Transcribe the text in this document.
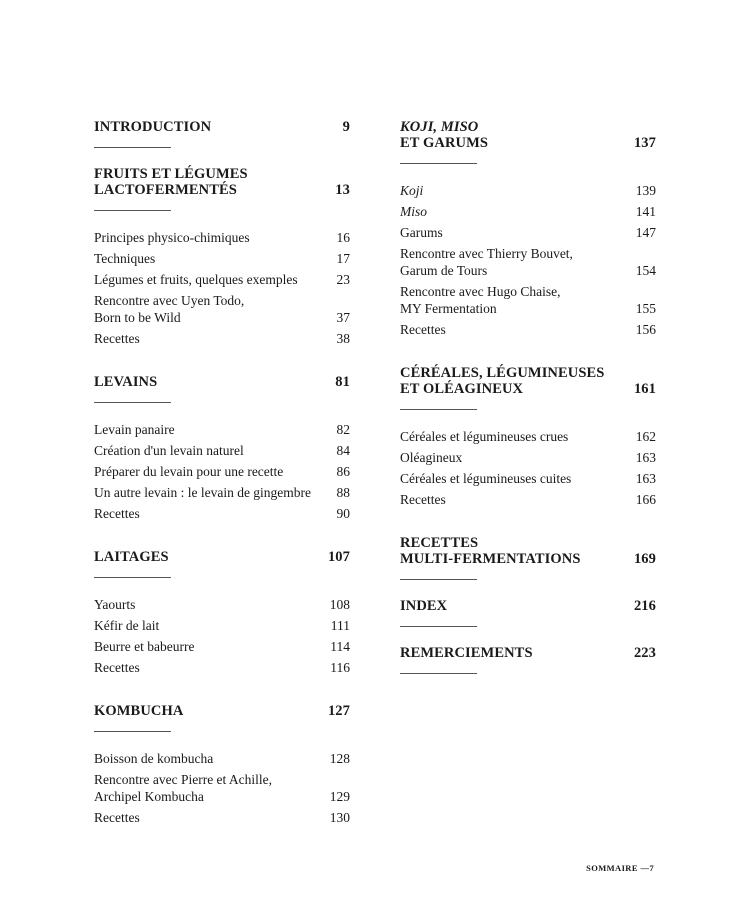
INTRODUCTION	9
FRUITS ET LÉGUMES
LACTOFERMENTÉS	13
Principes physico-chimiques	16
Techniques	17
Légumes et fruits, quelques exemples	23
Rencontre avec Uyen Todo,
Born to be Wild	37
Recettes	38
LEVAINS	81
Levain panaire	82
Création d'un levain naturel	84
Préparer du levain pour une recette	86
Un autre levain : le levain de gingembre	88
Recettes	90
LAITAGES	107
Yaourts	108
Kéfir de lait	111
Beurre et babeurre	114
Recettes	116
KOMBUCHA	127
Boisson de kombucha	128
Rencontre avec Pierre et Achille,
Archipel Kombucha	129
Recettes	130
KOJI, MISO
ET GARUMS	137
Koji	139
Miso	141
Garums	147
Rencontre avec Thierry Bouvet,
Garum de Tours	154
Rencontre avec Hugo Chaise,
MY Fermentation	155
Recettes	156
CÉRÉALES, LÉGUMINEUSES
ET OLÉAGINEUX	161
Céréales et légumineuses crues	162
Oléagineux	163
Céréales et légumineuses cuites	163
Recettes	166
RECETTES
MULTI-FERMENTATIONS	169
INDEX	216
REMERCIEMENTS	223
SOMMAIRE —7
